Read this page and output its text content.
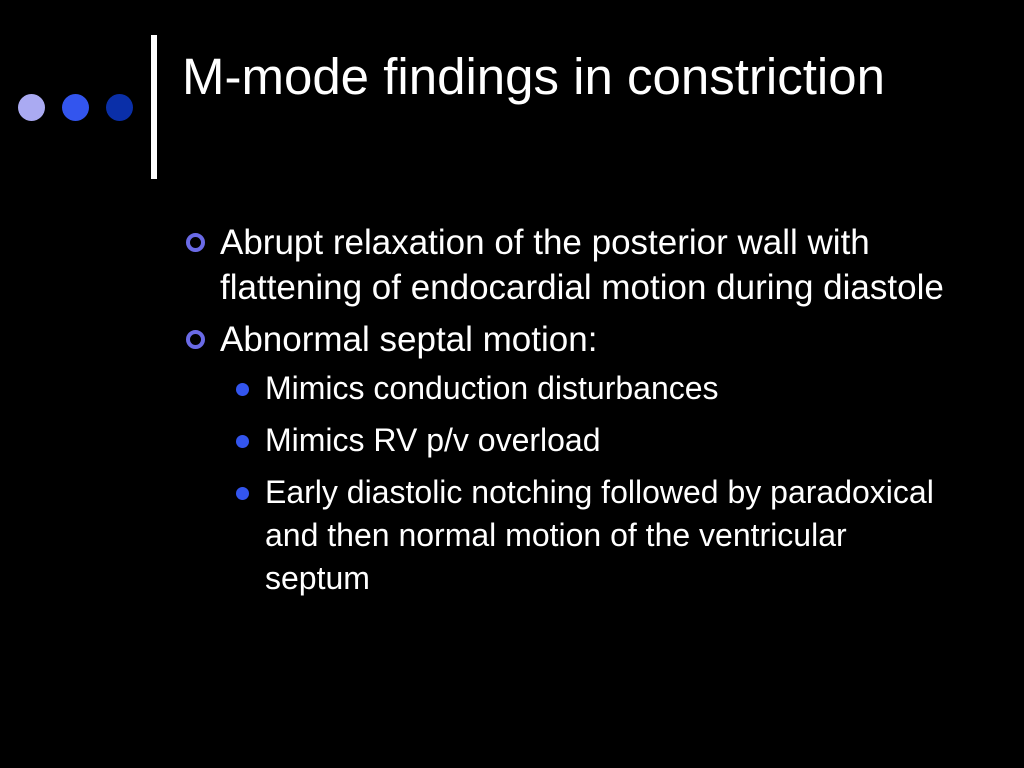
M-mode findings in constriction
Abrupt relaxation of the posterior wall with flattening of endocardial motion during diastole
Abnormal septal motion:
Mimics conduction disturbances
Mimics RV p/v overload
Early diastolic notching followed by paradoxical and then normal motion of the ventricular septum
